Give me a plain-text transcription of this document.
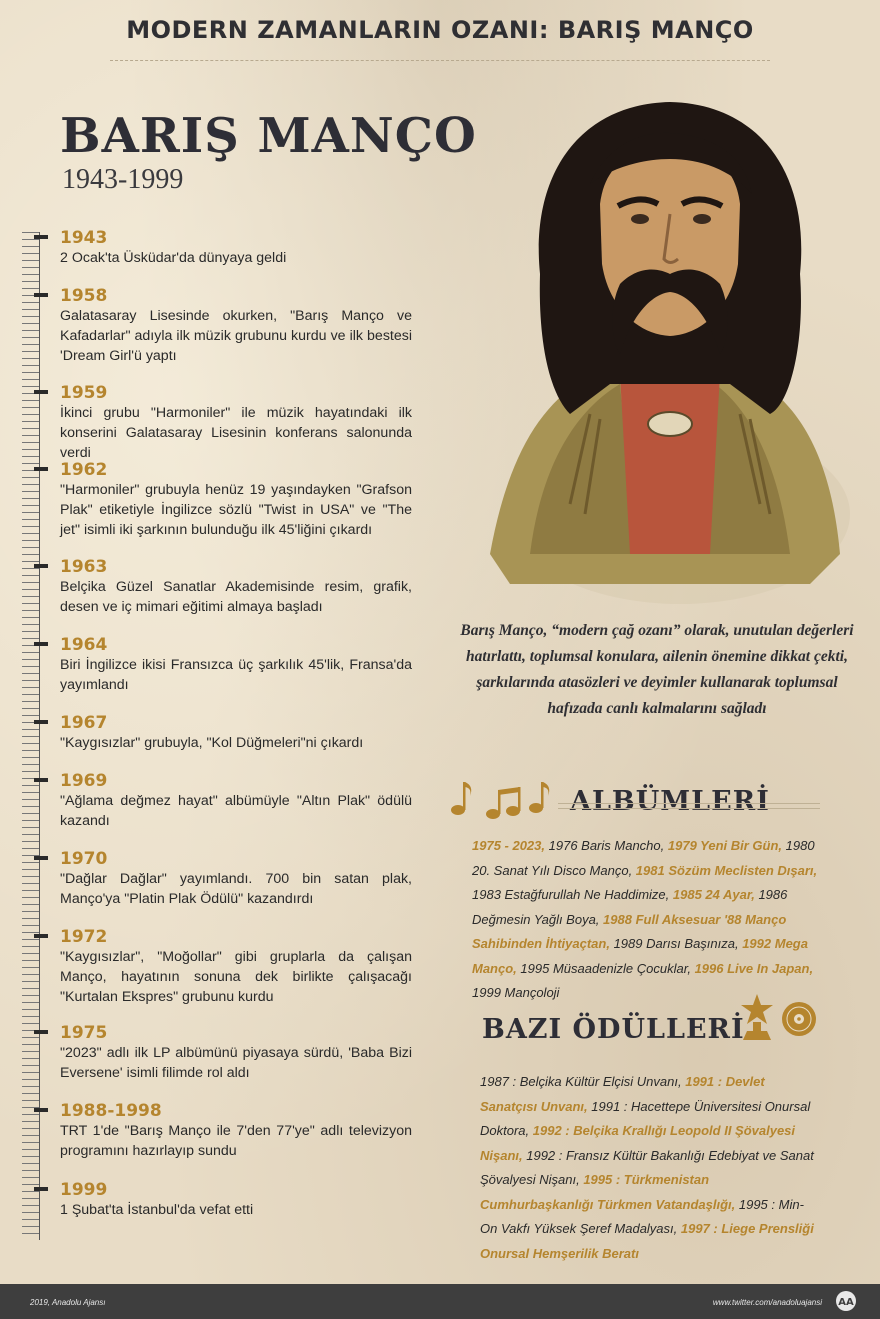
MODERN ZAMANLARIN OZANI: BARIŞ MANÇO
BARIŞ MANÇO
1943-1999
1943
2 Ocak'ta Üsküdar'da dünyaya geldi
1958
Galatasaray Lisesinde okurken, "Barış Manço ve Kafadarlar" adıyla ilk müzik grubunu kurdu ve ilk bestesi 'Dream Girl'ü yaptı
1959
İkinci grubu "Harmoniler" ile müzik hayatındaki ilk konserini Galatasaray Lisesinin konferans salonunda verdi
1962
"Harmoniler" grubuyla henüz 19 yaşındayken "Grafson Plak" etiketiyle İngilizce sözlü "Twist in USA" ve "The jet" isimli iki şarkının bulunduğu ilk 45'liğini çıkardı
1963
Belçika Güzel Sanatlar Akademisinde resim, grafik, desen ve iç mimari eğitimi almaya başladı
1964
Biri İngilizce ikisi Fransızca üç şarkılık 45'lik, Fransa'da yayımlandı
1967
"Kaygısızlar" grubuyla, "Kol Düğmeleri"ni çıkardı
1969
"Ağlama değmez hayat" albümüyle "Altın Plak" ödülü kazandı
1970
"Dağlar Dağlar" yayımlandı. 700 bin satan plak, Manço'ya "Platin Plak Ödülü" kazandırdı
1972
"Kaygısızlar", "Moğollar" gibi gruplarla da çalışan Manço, hayatının sonuna dek birlikte çalışacağı "Kurtalan Ekspres" grubunu kurdu
1975
"2023" adlı ilk LP albümünü piyasaya sürdü, 'Baba Bizi Eversene' isimli filimde rol aldı
1988-1998
TRT 1'de "Barış Manço ile 7'den 77'ye" adlı televizyon programını hazırlayıp sundu
1999
1 Şubat'ta İstanbul'da vefat etti
Barış Manço, “modern çağ ozanı” olarak, unutulan değerleri hatırlattı, toplumsal konulara, ailenin önemine dikkat çekti, şarkılarında atasözleri ve deyimler kullanarak toplumsal hafızada canlı kalmalarını sağladı
ALBÜMLERİ
1975 - 2023, 1976 Baris Mancho, 1979 Yeni Bir Gün, 1980 20. Sanat Yılı Disco Manço, 1981 Sözüm Meclisten Dışarı, 1983 Estağfurullah Ne Haddimize, 1985 24 Ayar, 1986 Değmesin Yağlı Boya, 1988 Full Aksesuar '88 Manço Sahibinden İhtiyaçtan, 1989 Darısı Başınıza, 1992 Mega Manço, 1995 Müsaadenizle Çocuklar, 1996 Live In Japan, 1999 Mançoloji
BAZI ÖDÜLLERİ
1987 : Belçika Kültür Elçisi Unvanı, 1991 : Devlet Sanatçısı Unvanı, 1991 : Hacettepe Üniversitesi Onursal Doktora, 1992 : Belçika Krallığı Leopold II Şövalyesi Nişanı, 1992 : Fransız Kültür Bakanlığı Edebiyat ve Sanat Şövalyesi Nişanı, 1995 : Türkmenistan Cumhurbaşkanlığı Türkmen Vatandaşlığı, 1995 : Min-On Vakfı Yüksek Şeref Madalyası, 1997 : Liege Prensliği Onursal Hemşerilik Beratı
2019, Anadolu Ajansı	www.twitter.com/anadoluajansi AA
